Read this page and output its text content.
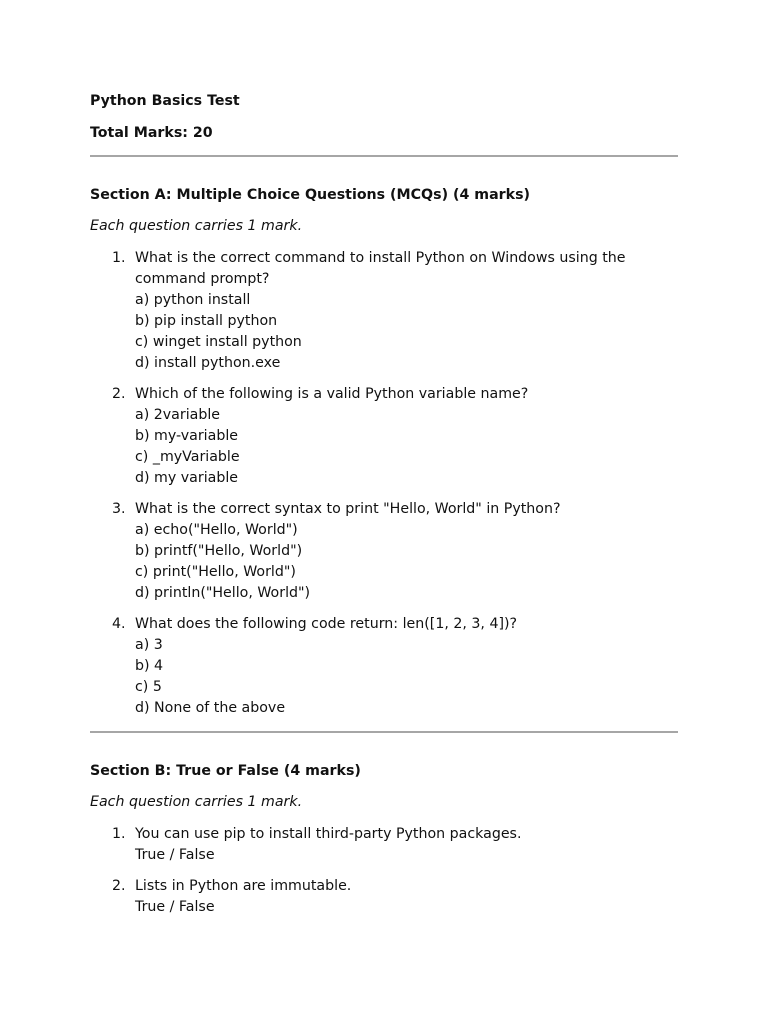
Python Basics Test
Total Marks: 20
Section A: Multiple Choice Questions (MCQs) (4 marks)
Each question carries 1 mark.
1. What is the correct command to install Python on Windows using the command prompt?
a) python install
b) pip install python
c) winget install python
d) install python.exe
2. Which of the following is a valid Python variable name?
a) 2variable
b) my-variable
c) _myVariable
d) my variable
3. What is the correct syntax to print "Hello, World" in Python?
a) echo("Hello, World")
b) printf("Hello, World")
c) print("Hello, World")
d) println("Hello, World")
4. What does the following code return: len([1, 2, 3, 4])?
a) 3
b) 4
c) 5
d) None of the above
Section B: True or False (4 marks)
Each question carries 1 mark.
1. You can use pip to install third-party Python packages.
True / False
2. Lists in Python are immutable.
True / False
